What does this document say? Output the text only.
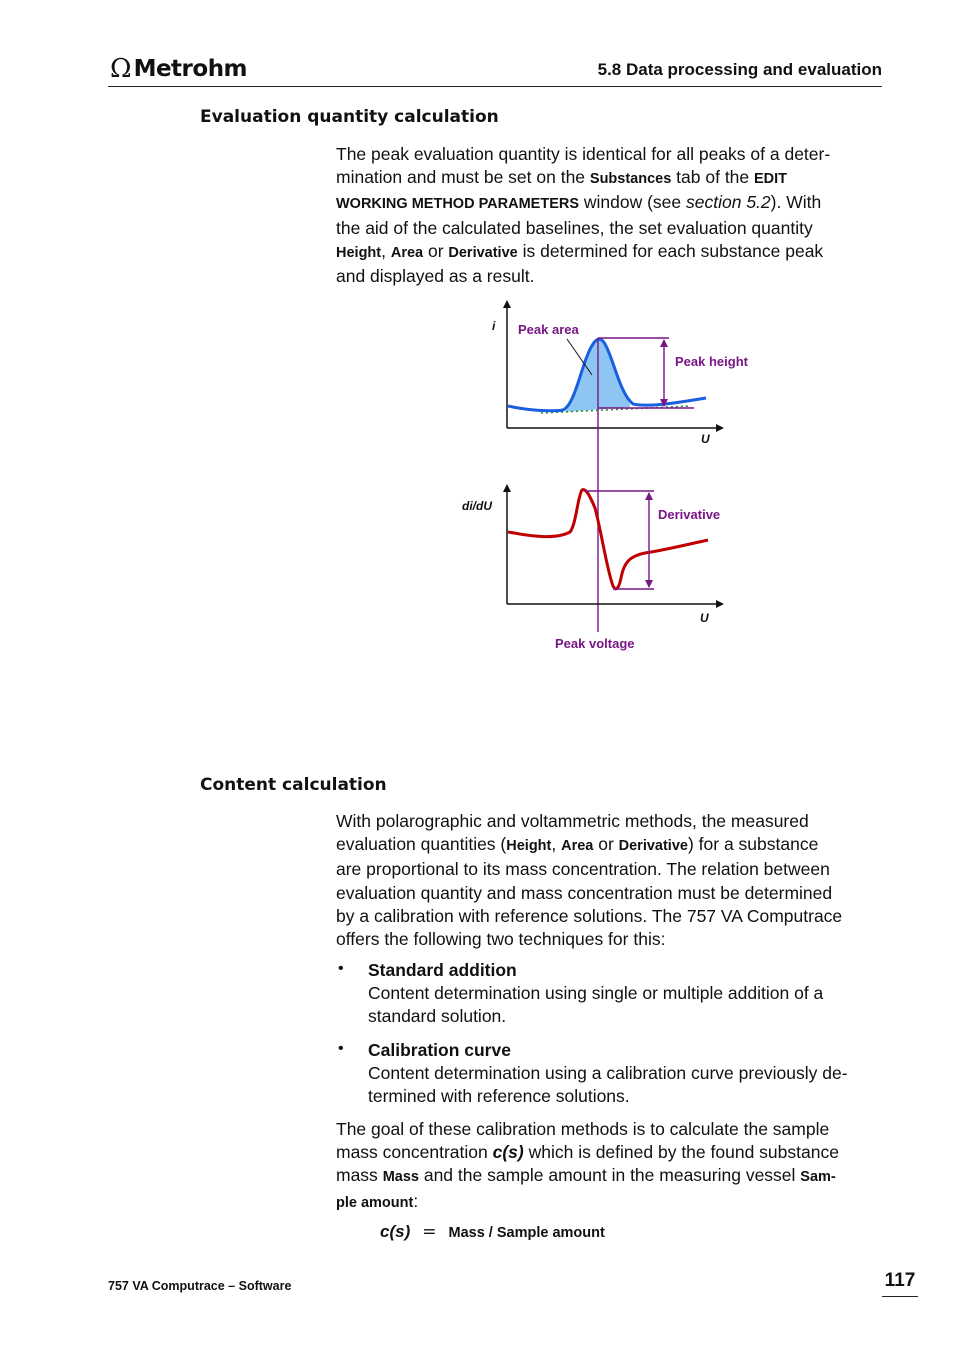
Ω Metrohm	5.8 Data processing and evaluation
Evaluation quantity calculation
The peak evaluation quantity is identical for all peaks of a deter-
mination and must be set on the Substances tab of the EDIT
WORKING METHOD PARAMETERS window (see section 5.2). With
the aid of the calculated baselines, the set evaluation quantity
Height, Area or Derivative is determined for each substance peak
and displayed as a result.
i Peak area
Peak height
U
di/dU
Derivative
U
Peak voltage
Content calculation
With polarographic and voltammetric methods, the measured
evaluation quantities (Height, Area or Derivative) for a substance
are proportional to its mass concentration. The relation between
evaluation quantity and mass concentration must be determined
by a calibration with reference solutions. The 757 VA Computrace
offers the following two techniques for this:
• Standard addition
Content determination using single or multiple addition of a
standard solution.
• Calibration curve
Content determination using a calibration curve previously de-
termined with reference solutions.
The goal of these calibration methods is to calculate the sample
mass concentration c(s) which is defined by the found substance
mass Mass and the sample amount in the measuring vessel Sam-
ple amount:
c(s) = Mass / Sample amount
757 VA Computrace – Software	117
